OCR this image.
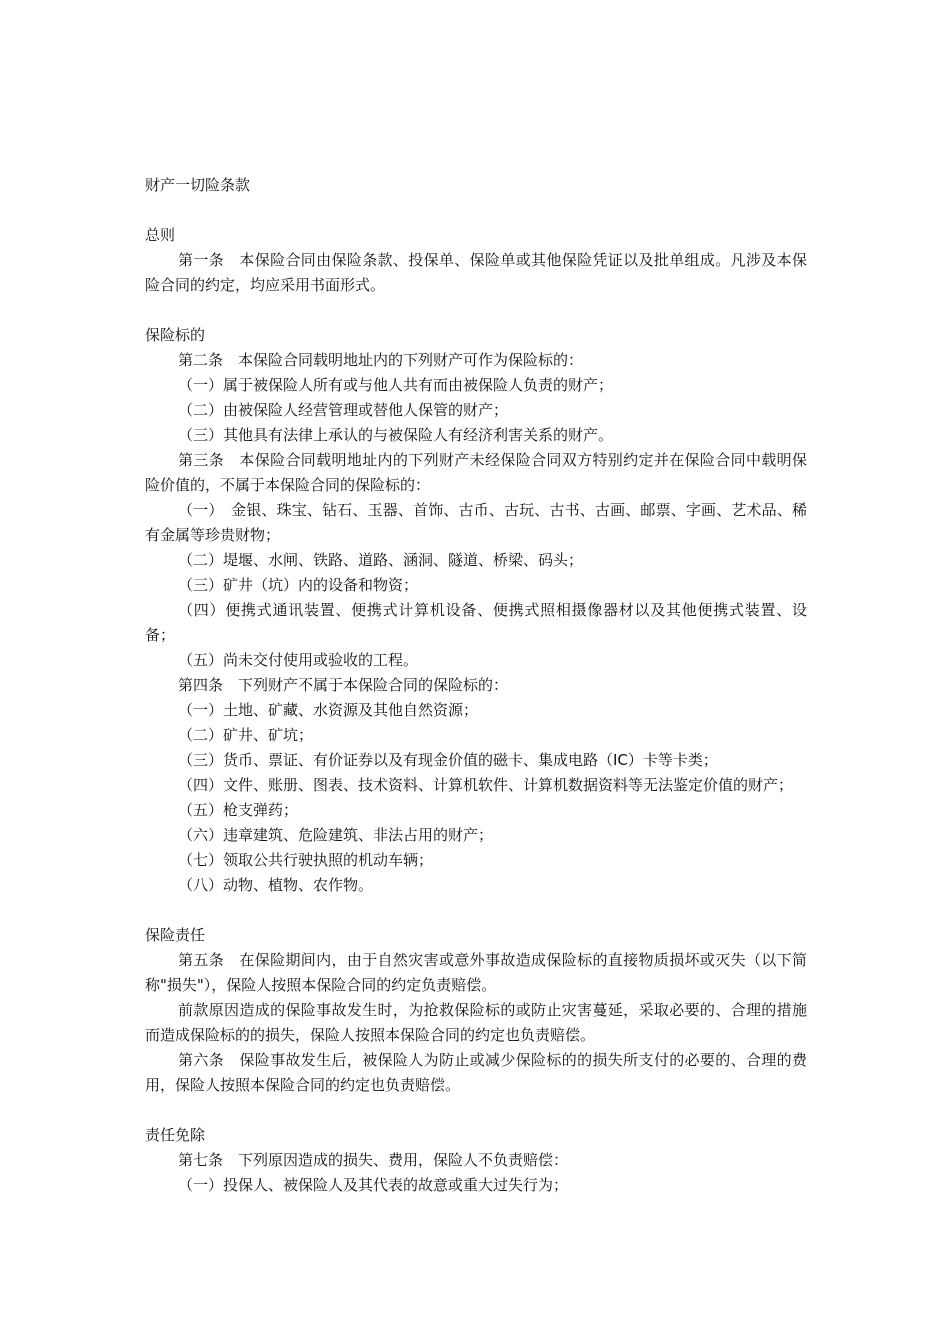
财产一切险条款

总则

第一条　本保险合同由保险条款、投保单、保险单或其他保险凭证以及批单组成。凡涉及本保险合同的约定，均应采用书面形式。

保险标的

第二条　本保险合同载明地址内的下列财产可作为保险标的：

（一）属于被保险人所有或与他人共有而由被保险人负责的财产；

（二）由被保险人经营管理或替他人保管的财产；

（三）其他具有法律上承认的与被保险人有经济利害关系的财产。

第三条　本保险合同载明地址内的下列财产未经保险合同双方特别约定并在保险合同中载明保险价值的，不属于本保险合同的保险标的：

（一）　金银、珠宝、钻石、玉器、首饰、古币、古玩、古书、古画、邮票、字画、艺术品、稀有金属等珍贵财物；

（二）堤堰、水闸、铁路、道路、涵洞、隧道、桥梁、码头；

（三）矿井（坑）内的设备和物资；

（四）便携式通讯装置、便携式计算机设备、便携式照相摄像器材以及其他便携式装置、设备；

（五）尚未交付使用或验收的工程。

第四条　下列财产不属于本保险合同的保险标的：

（一）土地、矿藏、水资源及其他自然资源；

（二）矿井、矿坑；

（三）货币、票证、有价证券以及有现金价值的磁卡、集成电路（IC）卡等卡类；

（四）文件、账册、图表、技术资料、计算机软件、计算机数据资料等无法鉴定价值的财产；

（五）枪支弹药；

（六）违章建筑、危险建筑、非法占用的财产；

（七）领取公共行驶执照的机动车辆；

（八）动物、植物、农作物。

保险责任

第五条　在保险期间内，由于自然灾害或意外事故造成保险标的直接物质损坏或灭失（以下简称"损失"），保险人按照本保险合同的约定负责赔偿。

前款原因造成的保险事故发生时，为抢救保险标的或防止灾害蔓延，采取必要的、合理的措施而造成保险标的的损失，保险人按照本保险合同的约定也负责赔偿。

第六条　保险事故发生后，被保险人为防止或减少保险标的的损失所支付的必要的、合理的费用，保险人按照本保险合同的约定也负责赔偿。

责任免除

第七条　下列原因造成的损失、费用，保险人不负责赔偿：

（一）投保人、被保险人及其代表的故意或重大过失行为；
